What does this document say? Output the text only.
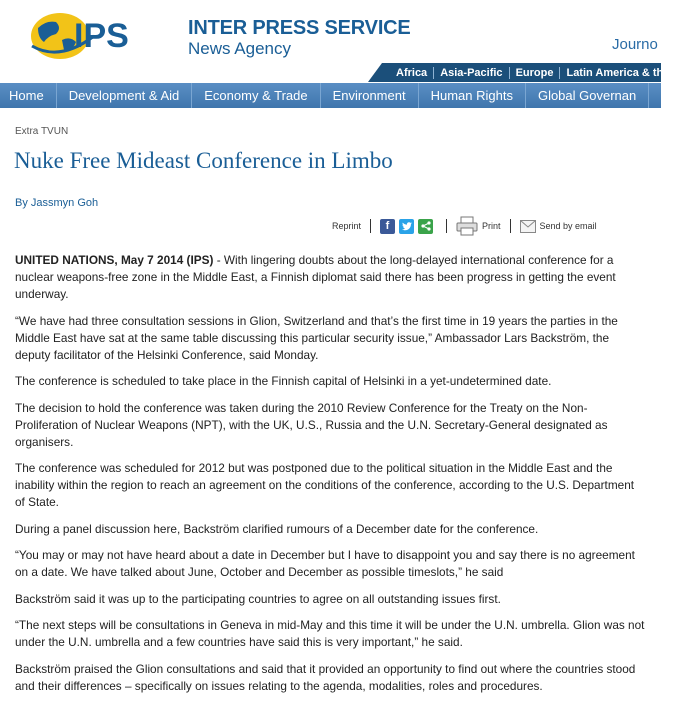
IPS	INTER PRESS SERVICE
News Agency	Journo
Africa	Asia-Pacific	Europe	Latin America & the C
Home	Development & Aid	Economy & Trade	Environment	Human Rights	Global Governan
Extra TVUN
Nuke Free Mideast Conference in Limbo
By Jassmyn Goh
Reprint	f	Print	Send by email

UNITED NATIONS, May 7 2014 (IPS) - With lingering doubts about the long-delayed international conference for a nuclear weapons-free zone in the Middle East, a Finnish diplomat said there has been progress in getting the event underway.

“We have had three consultation sessions in Glion, Switzerland and that’s the first time in 19 years the parties in the Middle East have sat at the same table discussing this particular security issue,” Ambassador Lars Backström, the deputy facilitator of the Helsinki Conference, said Monday.

The conference is scheduled to take place in the Finnish capital of Helsinki in a yet-undetermined date.

The decision to hold the conference was taken during the 2010 Review Conference for the Treaty on the Non-Proliferation of Nuclear Weapons (NPT), with the UK, U.S., Russia and the U.N. Secretary-General designated as organisers.

The conference was scheduled for 2012 but was postponed due to the political situation in the Middle East and the inability within the region to reach an agreement on the conditions of the conference, according to the U.S. Department of State.

During a panel discussion here, Backström clarified rumours of a December date for the conference.

“You may or may not have heard about a date in December but I have to disappoint you and say there is no agreement on a date. We have talked about June, October and December as possible timeslots,” he said

Backström said it was up to the participating countries to agree on all outstanding issues first.

“The next steps will be consultations in Geneva in mid-May and this time it will be under the U.N. umbrella. Glion was not under the U.N. umbrella and a few countries have said this is very important,” he said.

Backström praised the Glion consultations and said that it provided an opportunity to find out where the countries stood and their differences – specifically on issues relating to the agenda, modalities, roles and procedures.
